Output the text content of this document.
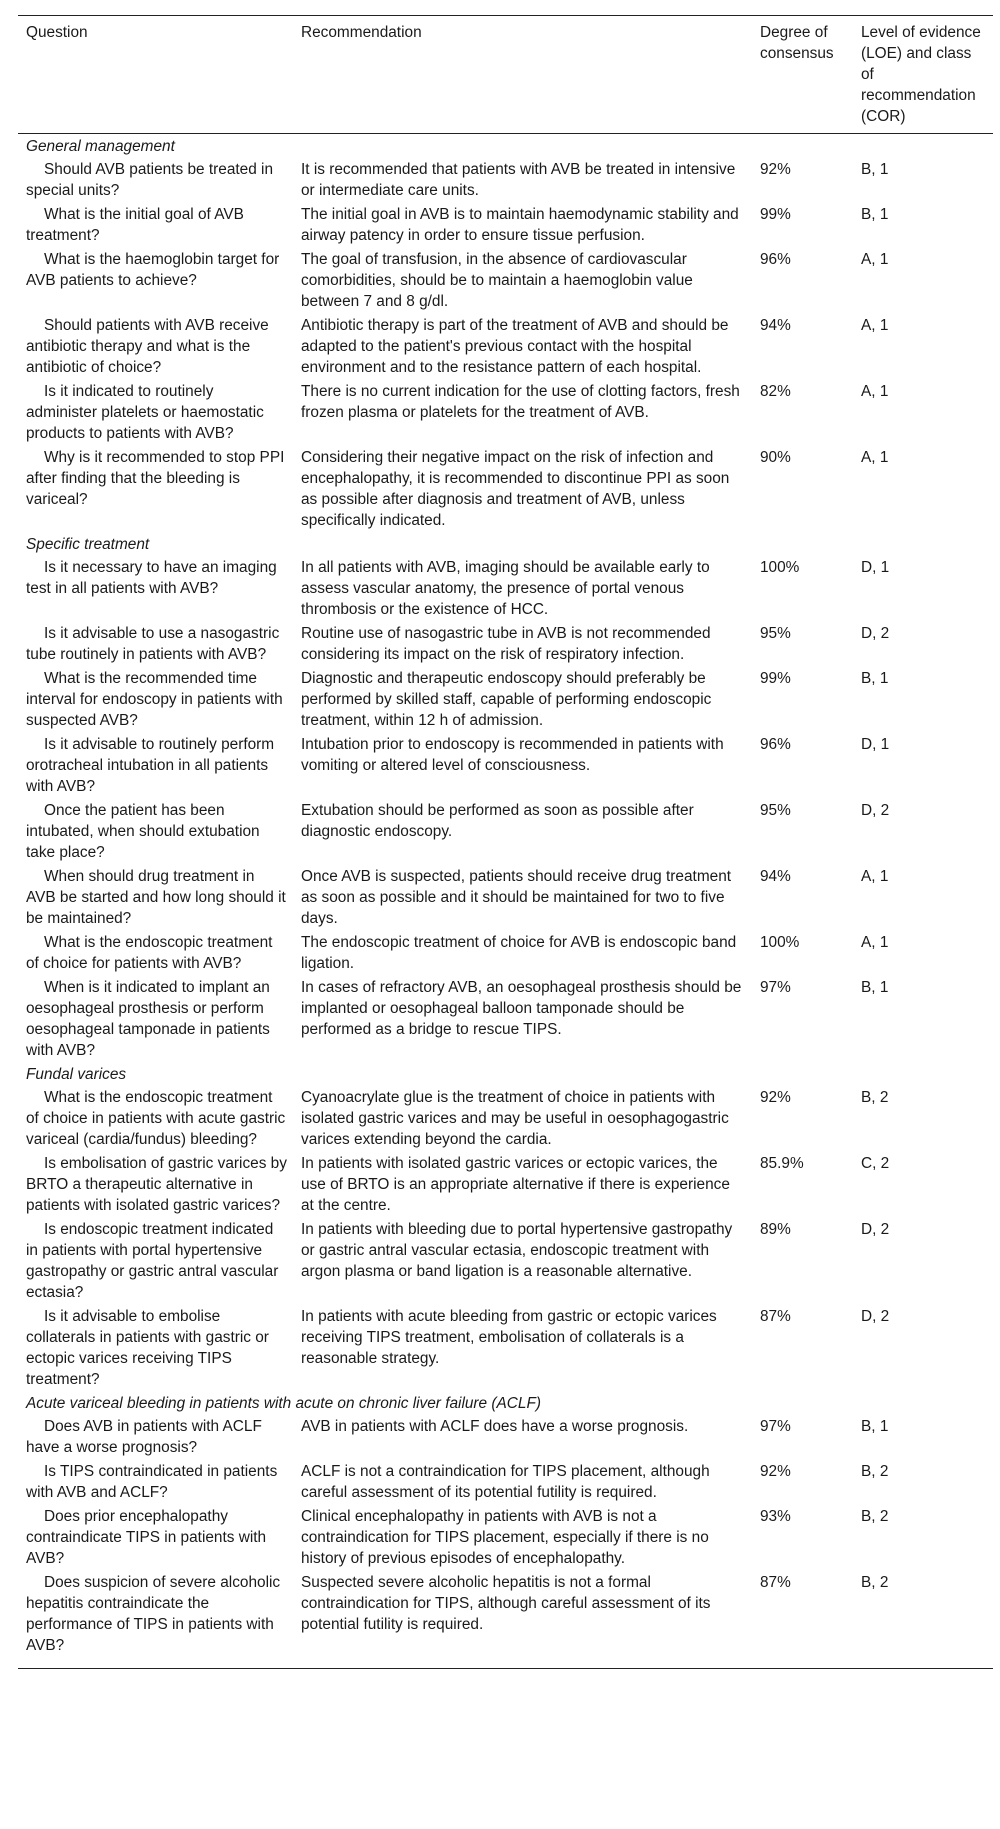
Question	Recommendation	Degree of consensus	Level of evidence (LOE) and class of recommendation (COR)
General management			
Should AVB patients be treated in special units?	It is recommended that patients with AVB be treated in intensive or intermediate care units.	92%	B, 1
What is the initial goal of AVB treatment?	The initial goal in AVB is to maintain haemodynamic stability and airway patency in order to ensure tissue perfusion.	99%	B, 1
What is the haemoglobin target for AVB patients to achieve?	The goal of transfusion, in the absence of cardiovascular comorbidities, should be to maintain a haemoglobin value between 7 and 8 g/dl.	96%	A, 1
Should patients with AVB receive antibiotic therapy and what is the antibiotic of choice?	Antibiotic therapy is part of the treatment of AVB and should be adapted to the patient's previous contact with the hospital environment and to the resistance pattern of each hospital.	94%	A, 1
Is it indicated to routinely administer platelets or haemostatic products to patients with AVB?	There is no current indication for the use of clotting factors, fresh frozen plasma or platelets for the treatment of AVB.	82%	A, 1
Why is it recommended to stop PPI after finding that the bleeding is variceal?	Considering their negative impact on the risk of infection and encephalopathy, it is recommended to discontinue PPI as soon as possible after diagnosis and treatment of AVB, unless specifically indicated.	90%	A, 1
Specific treatment			
Is it necessary to have an imaging test in all patients with AVB?	In all patients with AVB, imaging should be available early to assess vascular anatomy, the presence of portal venous thrombosis or the existence of HCC.	100%	D, 1
Is it advisable to use a nasogastric tube routinely in patients with AVB?	Routine use of nasogastric tube in AVB is not recommended considering its impact on the risk of respiratory infection.	95%	D, 2
What is the recommended time interval for endoscopy in patients with suspected AVB?	Diagnostic and therapeutic endoscopy should preferably be performed by skilled staff, capable of performing endoscopic treatment, within 12 h of admission.	99%	B, 1
Is it advisable to routinely perform orotracheal intubation in all patients with AVB?	Intubation prior to endoscopy is recommended in patients with vomiting or altered level of consciousness.	96%	D, 1
Once the patient has been intubated, when should extubation take place?	Extubation should be performed as soon as possible after diagnostic endoscopy.	95%	D, 2
When should drug treatment in AVB be started and how long should it be maintained?	Once AVB is suspected, patients should receive drug treatment as soon as possible and it should be maintained for two to five days.	94%	A, 1
What is the endoscopic treatment of choice for patients with AVB?	The endoscopic treatment of choice for AVB is endoscopic band ligation.	100%	A, 1
When is it indicated to implant an oesophageal prosthesis or perform oesophageal tamponade in patients with AVB?	In cases of refractory AVB, an oesophageal prosthesis should be implanted or oesophageal balloon tamponade should be performed as a bridge to rescue TIPS.	97%	B, 1
Fundal varices			
What is the endoscopic treatment of choice in patients with acute gastric variceal (cardia/fundus) bleeding?	Cyanoacrylate glue is the treatment of choice in patients with isolated gastric varices and may be useful in oesophagogastric varices extending beyond the cardia.	92%	B, 2
Is embolisation of gastric varices by BRTO a therapeutic alternative in patients with isolated gastric varices?	In patients with isolated gastric varices or ectopic varices, the use of BRTO is an appropriate alternative if there is experience at the centre.	85.9%	C, 2
Is endoscopic treatment indicated in patients with portal hypertensive gastropathy or gastric antral vascular ectasia?	In patients with bleeding due to portal hypertensive gastropathy or gastric antral vascular ectasia, endoscopic treatment with argon plasma or band ligation is a reasonable alternative.	89%	D, 2
Is it advisable to embolise collaterals in patients with gastric or ectopic varices receiving TIPS treatment?	In patients with acute bleeding from gastric or ectopic varices receiving TIPS treatment, embolisation of collaterals is a reasonable strategy.	87%	D, 2
Acute variceal bleeding in patients with acute on chronic liver failure (ACLF)			
Does AVB in patients with ACLF have a worse prognosis?	AVB in patients with ACLF does have a worse prognosis.	97%	B, 1
Is TIPS contraindicated in patients with AVB and ACLF?	ACLF is not a contraindication for TIPS placement, although careful assessment of its potential futility is required.	92%	B, 2
Does prior encephalopathy contraindicate TIPS in patients with AVB?	Clinical encephalopathy in patients with AVB is not a contraindication for TIPS placement, especially if there is no history of previous episodes of encephalopathy.	93%	B, 2
Does suspicion of severe alcoholic hepatitis contraindicate the performance of TIPS in patients with AVB?	Suspected severe alcoholic hepatitis is not a formal contraindication for TIPS, although careful assessment of its potential futility is required.	87%	B, 2
